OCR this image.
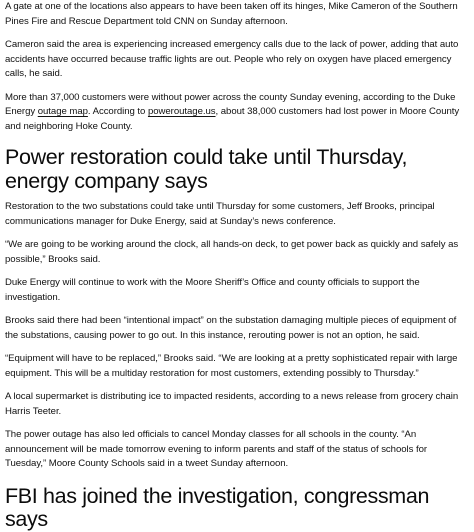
A gate at one of the locations also appears to have been taken off its hinges, Mike Cameron of the Southern Pines Fire and Rescue Department told CNN on Sunday afternoon.

Cameron said the area is experiencing increased emergency calls due to the lack of power, adding that auto accidents have occurred because traffic lights are out. People who rely on oxygen have placed emergency calls, he said.

More than 37,000 customers were without power across the county Sunday evening, according to the Duke Energy outage map. According to poweroutage.us, about 38,000 customers had lost power in Moore County and neighboring Hoke County.

Power restoration could take until Thursday, energy company says

Restoration to the two substations could take until Thursday for some customers, Jeff Brooks, principal communications manager for Duke Energy, said at Sunday’s news conference.

“We are going to be working around the clock, all hands-on deck, to get power back as quickly and safely as possible,” Brooks said.

Duke Energy will continue to work with the Moore Sheriff’s Office and county officials to support the investigation.

Brooks said there had been “intentional impact” on the substation damaging multiple pieces of equipment of the substations, causing power to go out. In this instance, rerouting power is not an option, he said.

“Equipment will have to be replaced,” Brooks said. “We are looking at a pretty sophisticated repair with large equipment. This will be a multiday restoration for most customers, extending possibly to Thursday.”

A local supermarket is distributing ice to impacted residents, according to a news release from grocery chain Harris Teeter.

The power outage has also led officials to cancel Monday classes for all schools in the county. “An announcement will be made tomorrow evening to inform parents and staff of the status of schools for Tuesday,” Moore County Schools said in a tweet Sunday afternoon.

FBI has joined the investigation, congressman says
